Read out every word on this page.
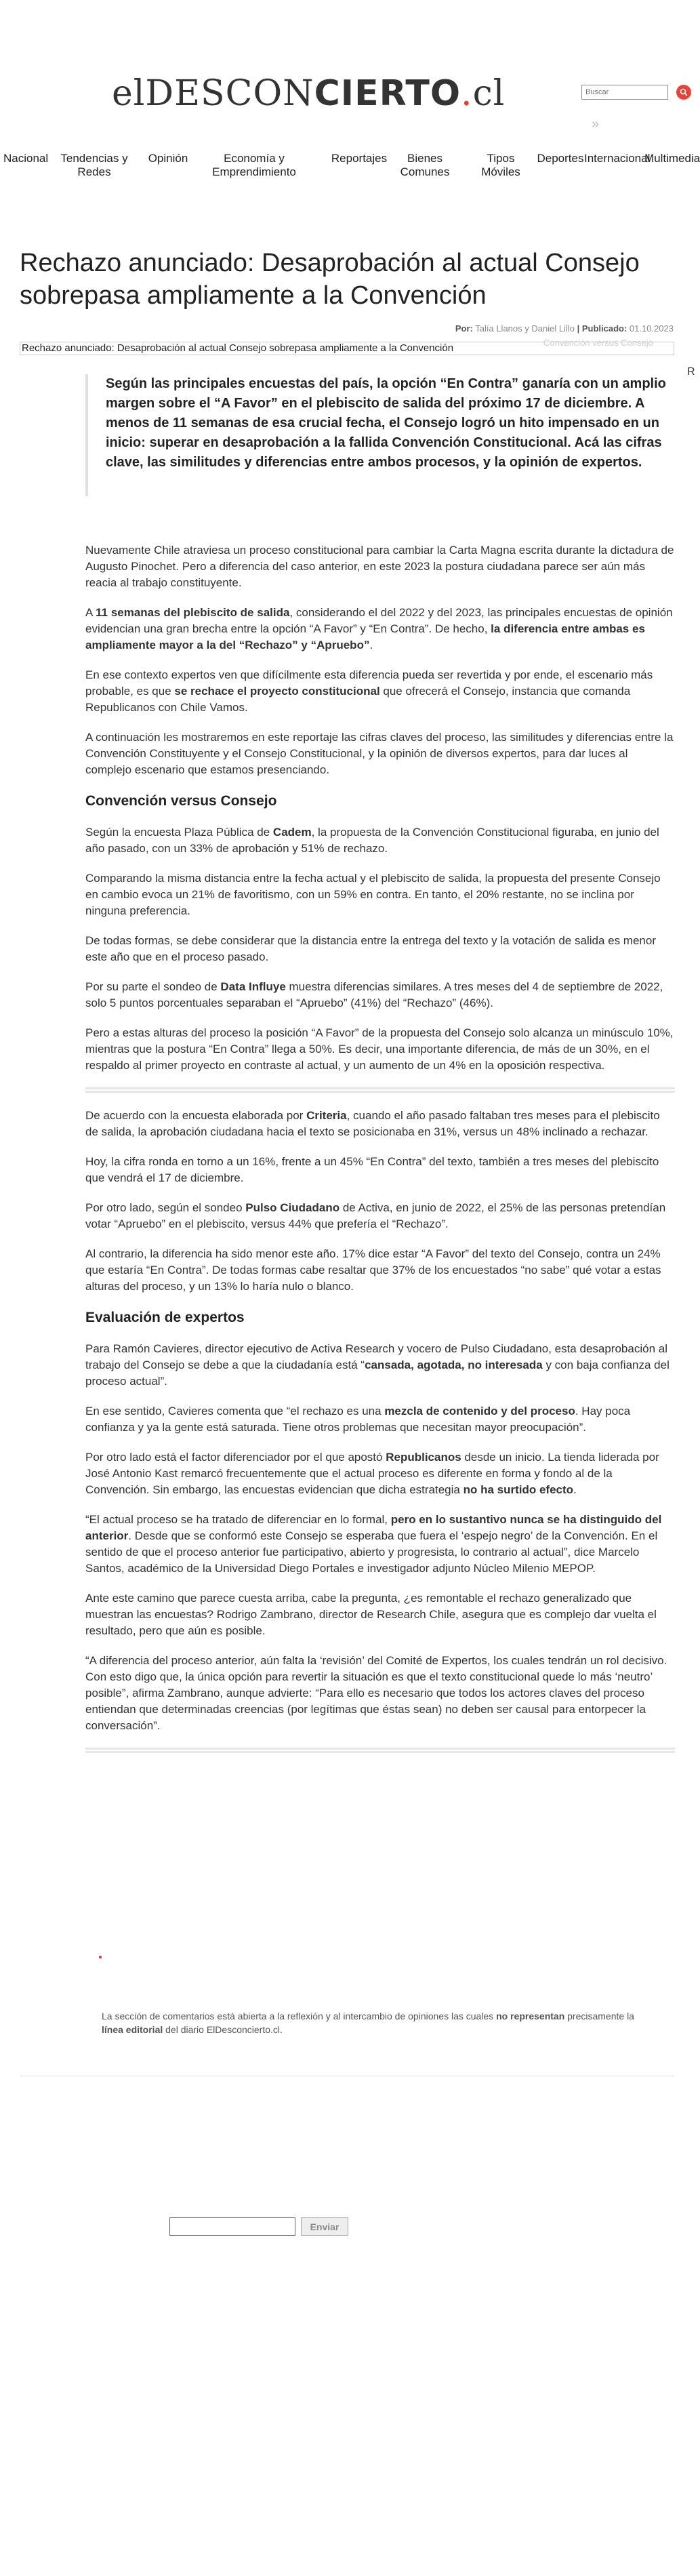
elDESCONCIERTO.cl
Buscar
»
Nacional Tendencias y Redes
Opinión	Economía y Emprendimiento
Reportajes	Bienes Comunes
Tipos Móviles
Deportes Internacional
Multimedia
Rechazo anunciado: Desaprobación al actual Consejo sobrepasa ampliamente a la Convención
Por: Talía Llanos y Daniel Lillo | Publicado: 01.10.2023
Convención versus Consejo
Rechazo anunciado: Desaprobación al actual Consejo sobrepasa ampliamente a la Convención
R

Según las principales encuestas del país, la opción “En Contra” ganaría con un amplio margen sobre el “A Favor” en el plebiscito de salida del próximo 17 de diciembre. A menos de 11 semanas de esa crucial fecha, el Consejo logró un hito impensado en un inicio: superar en desaprobación a la fallida Convención Constitucional. Acá las cifras clave, las similitudes y diferencias entre ambos procesos, y la opinión de expertos.

Nuevamente Chile atraviesa un proceso constitucional para cambiar la Carta Magna escrita durante la dictadura de Augusto Pinochet. Pero a diferencia del caso anterior, en este 2023 la postura ciudadana parece ser aún más reacia al trabajo constituyente.

A 11 semanas del plebiscito de salida, considerando el del 2022 y del 2023, las principales encuestas de opinión evidencian una gran brecha entre la opción “A Favor” y “En Contra”. De hecho, la diferencia entre ambas es ampliamente mayor a la del “Rechazo” y “Apruebo”.

En ese contexto expertos ven que difícilmente esta diferencia pueda ser revertida y por ende, el escenario más probable, es que se rechace el proyecto constitucional que ofrecerá el Consejo, instancia que comanda Republicanos con Chile Vamos.

A continuación les mostraremos en este reportaje las cifras claves del proceso, las similitudes y diferencias entre la Convención Constituyente y el Consejo Constitucional, y la opinión de diversos expertos, para dar luces al complejo escenario que estamos presenciando.

Convención versus Consejo

Según la encuesta Plaza Pública de Cadem, la propuesta de la Convención Constitucional figuraba, en junio del año pasado, con un 33% de aprobación y 51% de rechazo.

Comparando la misma distancia entre la fecha actual y el plebiscito de salida, la propuesta del presente Consejo en cambio evoca un 21% de favoritismo, con un 59% en contra. En tanto, el 20% restante, no se inclina por ninguna preferencia.

De todas formas, se debe considerar que la distancia entre la entrega del texto y la votación de salida es menor este año que en el proceso pasado.

Por su parte el sondeo de Data Influye muestra diferencias similares. A tres meses del 4 de septiembre de 2022, solo 5 puntos porcentuales separaban el “Apruebo” (41%) del “Rechazo” (46%).

Pero a estas alturas del proceso la posición “A Favor” de la propuesta del Consejo solo alcanza un minúsculo 10%, mientras que la postura “En Contra” llega a 50%. Es decir, una importante diferencia, de más de un 30%, en el respaldo al primer proyecto en contraste al actual, y un aumento de un 4% en la oposición respectiva.

De acuerdo con la encuesta elaborada por Criteria, cuando el año pasado faltaban tres meses para el plebiscito de salida, la aprobación ciudadana hacia el texto se posicionaba en 31%, versus un 48% inclinado a rechazar.

Hoy, la cifra ronda en torno a un 16%, frente a un 45% “En Contra” del texto, también a tres meses del plebiscito que vendrá el 17 de diciembre.

Por otro lado, según el sondeo Pulso Ciudadano de Activa, en junio de 2022, el 25% de las personas pretendían votar “Apruebo” en el plebiscito, versus 44% que prefería el “Rechazo”.

Al contrario, la diferencia ha sido menor este año. 17% dice estar “A Favor” del texto del Consejo, contra un 24% que estaría “En Contra”. De todas formas cabe resaltar que 37% de los encuestados “no sabe” qué votar a estas alturas del proceso, y un 13% lo haría nulo o blanco.

Evaluación de expertos

Para Ramón Cavieres, director ejecutivo de Activa Research y vocero de Pulso Ciudadano, esta desaprobación al trabajo del Consejo se debe a que la ciudadanía está “cansada, agotada, no interesada y con baja confianza del proceso actual”.

En ese sentido, Cavieres comenta que “el rechazo es una mezcla de contenido y del proceso. Hay poca confianza y ya la gente está saturada. Tiene otros problemas que necesitan mayor preocupación”.

Por otro lado está el factor diferenciador por el que apostó Republicanos desde un inicio. La tienda liderada por José Antonio Kast remarcó frecuentemente que el actual proceso es diferente en forma y fondo al de la Convención. Sin embargo, las encuestas evidencian que dicha estrategia no ha surtido efecto.

“El actual proceso se ha tratado de diferenciar en lo formal, pero en lo sustantivo nunca se ha distinguido del anterior. Desde que se conformó este Consejo se esperaba que fuera el ‘espejo negro’ de la Convención. En el sentido de que el proceso anterior fue participativo, abierto y progresista, lo contrario al actual”, dice Marcelo Santos, académico de la Universidad Diego Portales e investigador adjunto Núcleo Milenio MEPOP.

Ante este camino que parece cuesta arriba, cabe la pregunta, ¿es remontable el rechazo generalizado que muestran las encuestas? Rodrigo Zambrano, director de Research Chile, asegura que es complejo dar vuelta el resultado, pero que aún es posible.

“A diferencia del proceso anterior, aún falta la ‘revisión’ del Comité de Expertos, los cuales tendrán un rol decisivo. Con esto digo que, la única opción para revertir la situación es que el texto constitucional quede lo más ‘neutro’ posible”, afirma Zambrano, aunque advierte: “Para ello es necesario que todos los actores claves del proceso entiendan que determinadas creencias (por legítimas que éstas sean) no deben ser causal para entorpecer la conversación”.

La sección de comentarios está abierta a la reflexión y al intercambio de opiniones las cuales no representan precisamente la línea editorial del diario ElDesconcierto.cl.
Enviar
